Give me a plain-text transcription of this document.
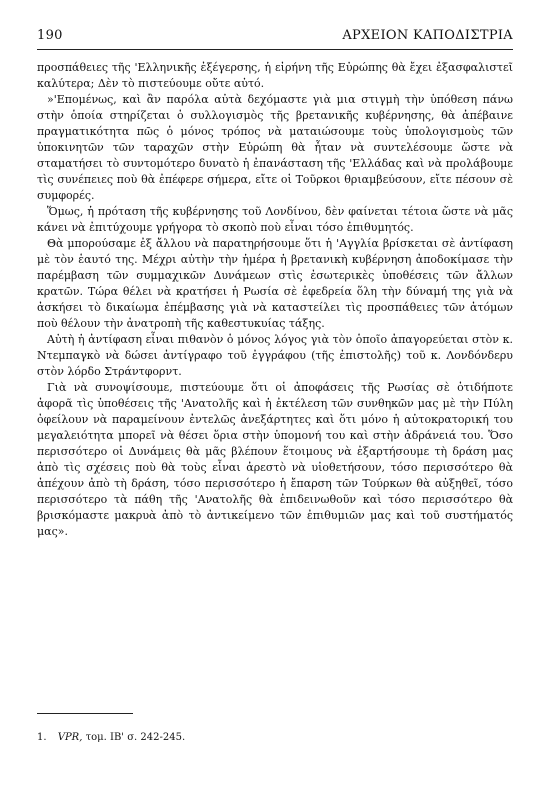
190	ΑΡΧΕΙΟΝ ΚΑΠΟΔΙΣΤΡΙΑ

προσπάθειες τῆς 'Ελληνικῆς ἐξέγερσης, ἡ εἰρήνη τῆς Εὐρώπης θὰ ἔχει ἐξασφαλιστεῖ καλύτερα; Δὲν τὸ πιστεύουμε οὔτε αὐτό.

»'Επομένως, καὶ ἂν παρόλα αὐτὰ δεχόμαστε γιὰ μια στιγμὴ τὴν ὑπόθεση πάνω στὴν ὁποία στηρίζεται ὁ συλλογισμὸς τῆς βρετανικῆς κυβέρνησης, θὰ ἀπέβαινε πραγματικότητα πῶς ὁ μόνος τρόπος νὰ ματαιώσουμε τοὺς ὑπολογισμοὺς τῶν ὑποκινητῶν τῶν ταραχῶν στὴν Εὐρώπη θὰ ἦταν νὰ συντελέσουμε ὥστε νὰ σταματήσει τὸ συντομότερο δυνατὸ ἡ ἐπανάσταση τῆς 'Ελλάδας καὶ νὰ προλάβουμε τὶς συνέπειες ποὺ θὰ ἐπέφερε σήμερα, εἴτε οἱ Τοῦρκοι θριαμβεύσουν, εἴτε πέσουν σὲ συμφορές.

Ὅμως, ἡ πρόταση τῆς κυβέρνησης τοῦ Λονδίνου, δὲν φαίνεται τέτοια ὥστε νὰ μᾶς κάνει νὰ ἐπιτύχουμε γρήγορα τὸ σκοπὸ ποὺ εἶναι τόσο ἐπιθυμητός.

Θὰ μπορούσαμε ἐξ ἄλλου νὰ παρατηρήσουμε ὅτι ἡ 'Αγγλία βρίσκεται σὲ ἀντίφαση μὲ τὸν ἑαυτό της. Μέχρι αὐτὴν τὴν ἡμέρα ἡ βρετανικὴ κυβέρνηση ἀποδοκίμασε τὴν παρέμβαση τῶν συμμαχικῶν Δυνάμεων στὶς ἐσωτερικὲς ὑποθέσεις τῶν ἄλλων κρατῶν. Τώρα θέλει νὰ κρατήσει ἡ Ρωσία σὲ ἐφεδρεία ὅλη τὴν δύναμή της γιὰ νὰ ἀσκήσει τὸ δικαίωμα ἐπέμβασης γιὰ νὰ καταστείλει τὶς προσπάθειες τῶν ἀτόμων ποὺ θέλουν τὴν ἀνατροπὴ τῆς καθεστυκυίας τάξης.

Αὐτὴ ἡ ἀντίφαση εἶναι πιθανὸν ὁ μόνος λόγος γιὰ τὸν ὁποῖο ἀπαγορεύεται στὸν κ. Ντεμπαγκὸ νὰ δώσει ἀντίγραφο τοῦ ἐγγράφου (τῆς ἐπιστολῆς) τοῦ κ. Λονδόνδερυ στὸν λόρδο Στράντφορντ.

Γιὰ νὰ συνοψίσουμε, πιστεύουμε ὅτι οἱ ἀποφάσεις τῆς Ρωσίας σὲ ὁτιδήποτε ἀφορᾶ τὶς ὑποθέσεις τῆς 'Ανατολῆς καὶ ἡ ἐκτέλεση τῶν συνθηκῶν μας μὲ τὴν Πύλη ὀφείλουν νὰ παραμείνουν ἐντελῶς ἀνεξάρτητες καὶ ὅτι μόνο ἡ αὐτοκρατορική του μεγαλειότητα μπορεῖ νὰ θέσει ὅρια στὴν ὑπομονή του καὶ στὴν ἀδράνειά του. Ὅσο περισσότερο οἱ Δυνάμεις θὰ μᾶς βλέπουν ἕτοιμους νὰ ἐξαρτήσουμε τὴ δράση μας ἀπὸ τὶς σχέσεις ποὺ θὰ τοὺς εἶναι ἀρεστὸ νὰ υἱοθετήσουν, τόσο περισσότερο θὰ ἀπέχουν ἀπὸ τὴ δράση, τόσο περισσότερο ἡ ἔπαρση τῶν Τούρκων θὰ αὐξηθεῖ, τόσο περισσότερο τὰ πάθη τῆς 'Ανατολῆς θὰ ἐπιδεινωθοῦν καὶ τόσο περισσότερο θὰ βρισκόμαστε μακρυὰ ἀπὸ τὸ ἀντικείμενο τῶν ἐπιθυμιῶν μας καὶ τοῦ συστήματός μας».

1. VPR, τομ. ΙΒ' σ. 242-245.
